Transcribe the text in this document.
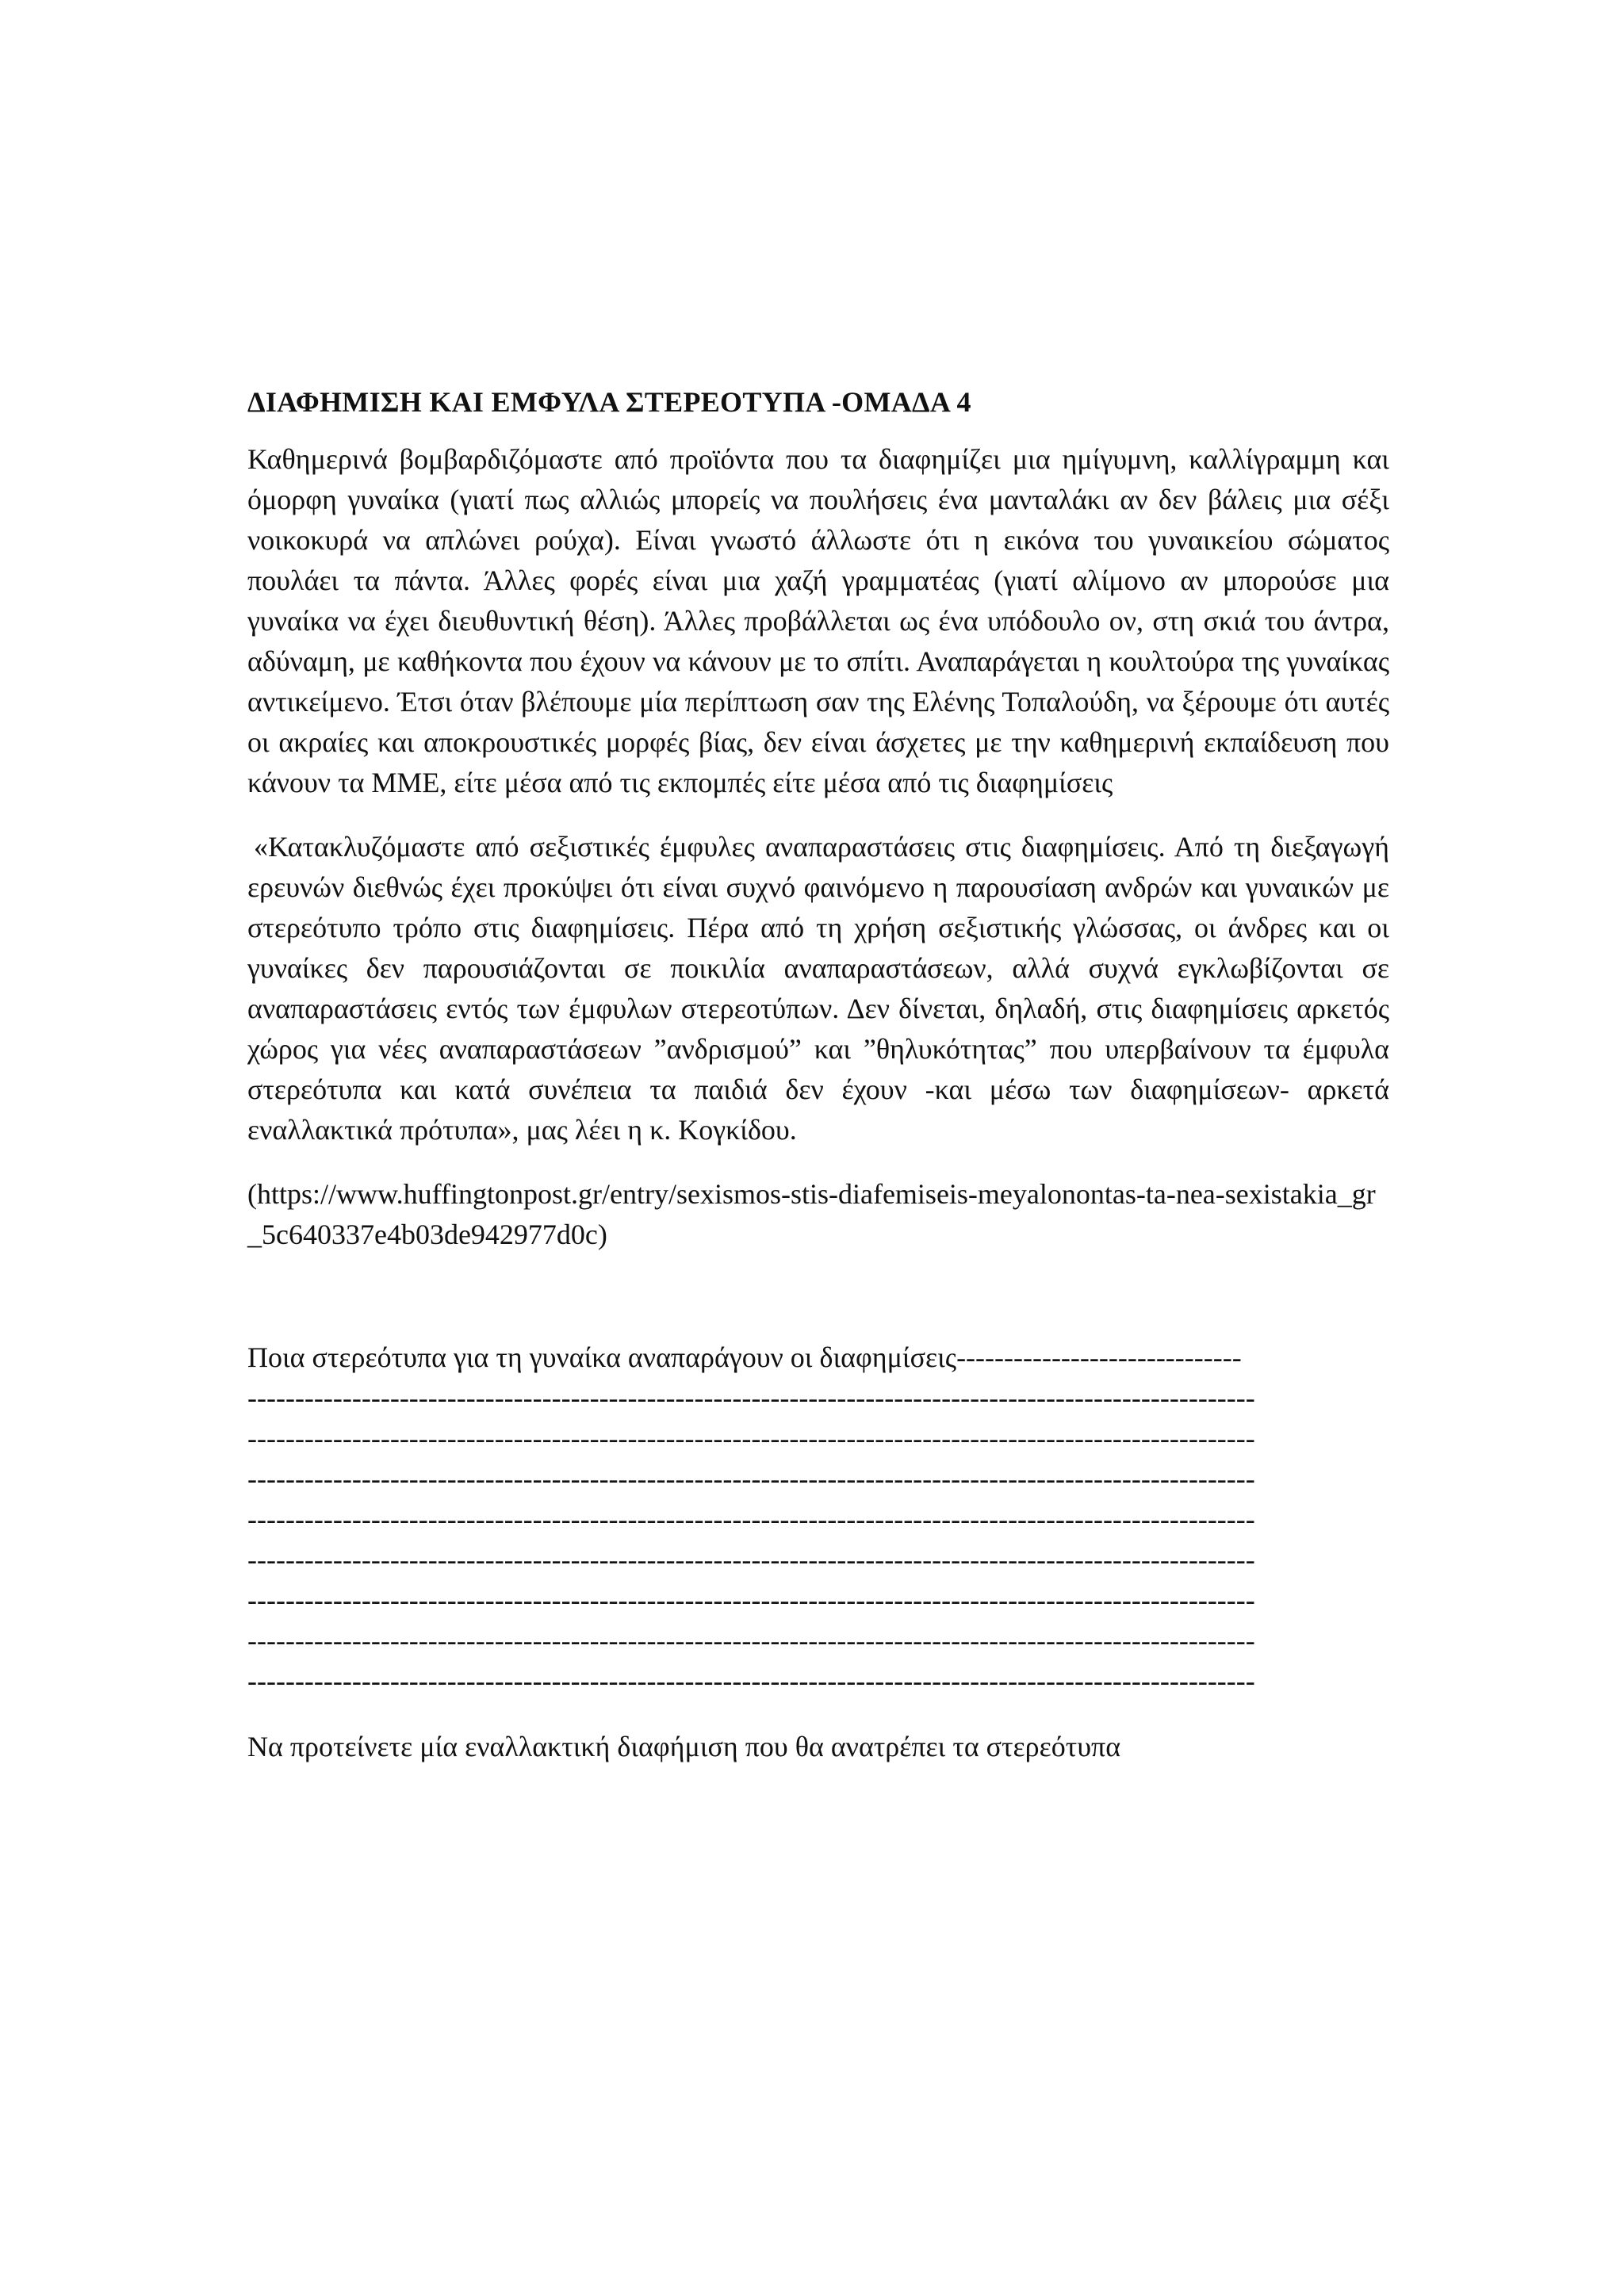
ΔΙΑΦΗΜΙΣΗ ΚΑΙ ΕΜΦΥΛΑ ΣΤΕΡΕΟΤΥΠΑ -ΟΜΑΔΑ 4

Καθημερινά βομβαρδιζόμαστε από προϊόντα που τα διαφημίζει μια ημίγυμνη, καλλίγραμμη και όμορφη γυναίκα (γιατί πως αλλιώς μπορείς να πουλήσεις ένα μανταλάκι αν δεν βάλεις μια σέξι νοικοκυρά να απλώνει ρούχα). Είναι γνωστό άλλωστε ότι η εικόνα του γυναικείου σώματος πουλάει τα πάντα. Άλλες φορές είναι μια χαζή γραμματέας (γιατί αλίμονο αν μπορούσε μια γυναίκα να έχει διευθυντική θέση). Άλλες προβάλλεται ως ένα υπόδουλο ον, στη σκιά του άντρα, αδύναμη, με καθήκοντα που έχουν να κάνουν με το σπίτι. Αναπαράγεται η κουλτούρα της γυναίκας αντικείμενο. Έτσι όταν βλέπουμε μία περίπτωση σαν της Ελένης Τοπαλούδη, να ξέρουμε ότι αυτές οι ακραίες και αποκρουστικές μορφές βίας, δεν είναι άσχετες με την καθημερινή εκπαίδευση που κάνουν τα ΜΜΕ, είτε μέσα από τις εκπομπές είτε μέσα από τις διαφημίσεις

«Κατακλυζόμαστε από σεξιστικές έμφυλες αναπαραστάσεις στις διαφημίσεις. Από τη διεξαγωγή ερευνών διεθνώς έχει προκύψει ότι είναι συχνό φαινόμενο η παρουσίαση ανδρών και γυναικών με στερεότυπο τρόπο στις διαφημίσεις. Πέρα από τη χρήση σεξιστικής γλώσσας, οι άνδρες και οι γυναίκες δεν παρουσιάζονται σε ποικιλία αναπαραστάσεων, αλλά συχνά εγκλωβίζονται σε αναπαραστάσεις εντός των έμφυλων στερεοτύπων. Δεν δίνεται, δηλαδή, στις διαφημίσεις αρκετός χώρος για νέες αναπαραστάσεων ”ανδρισμού” και ”θηλυκότητας” που υπερβαίνουν τα έμφυλα στερεότυπα και κατά συνέπεια τα παιδιά δεν έχουν -και μέσω των διαφημίσεων- αρκετά εναλλακτικά πρότυπα», μας λέει η κ. Κογκίδου.

(https://www.huffingtonpost.gr/entry/sexismos-stis-diafemiseis-meyalonontas-ta-nea-sexistakia_gr_5c640337e4b03de942977d0c)

Ποια στερεότυπα για τη γυναίκα αναπαράγουν οι διαφημίσεις------------------------------

----------------------------------------------------------------------------------------------------------

----------------------------------------------------------------------------------------------------------

----------------------------------------------------------------------------------------------------------

----------------------------------------------------------------------------------------------------------

----------------------------------------------------------------------------------------------------------

----------------------------------------------------------------------------------------------------------

----------------------------------------------------------------------------------------------------------

----------------------------------------------------------------------------------------------------------

Να προτείνετε μία εναλλακτική διαφήμιση που θα ανατρέπει τα στερεότυπα
